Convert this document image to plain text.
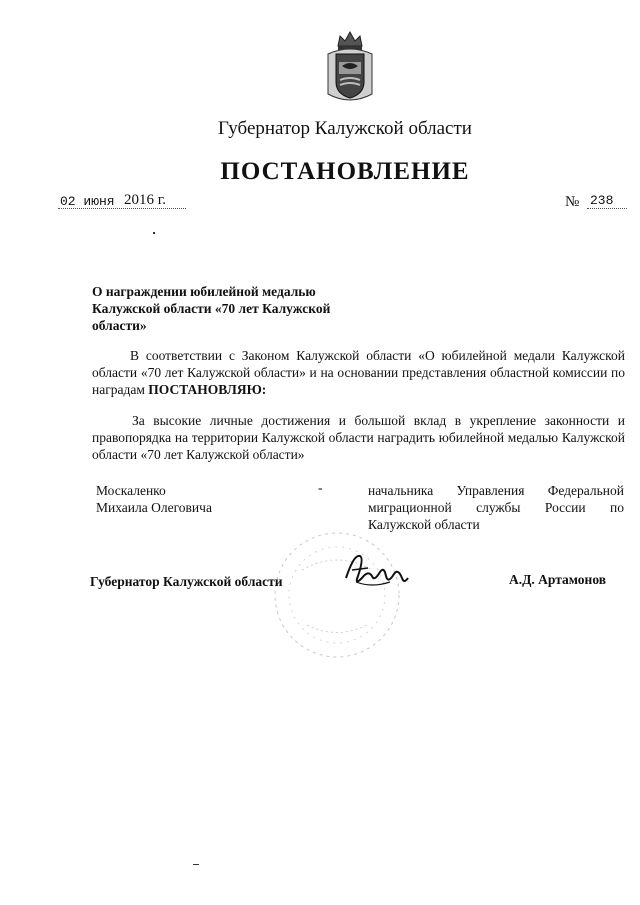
Губернатор Калужской области
ПОСТАНОВЛЕНИЕ
02 июня 2016 г.	№ 238
О награждении юбилейной медалью
Калужской области «70 лет Калужской
области»
В соответствии с Законом Калужской области «О юбилейной медали Калужской области «70 лет Калужской области» и на основании представления областной комиссии по наградам ПОСТАНОВЛЯЮ:
За высокие личные достижения и большой вклад в укрепление законности и правопорядка на территории Калужской области наградить юбилейной медалью Калужской области «70 лет Калужской области»
Москаленко
Михаила Олеговича
-	начальника Управления Федеральной миграционной службы России по Калужской области
Губернатор Калужской области	А.Д. Артамонов
